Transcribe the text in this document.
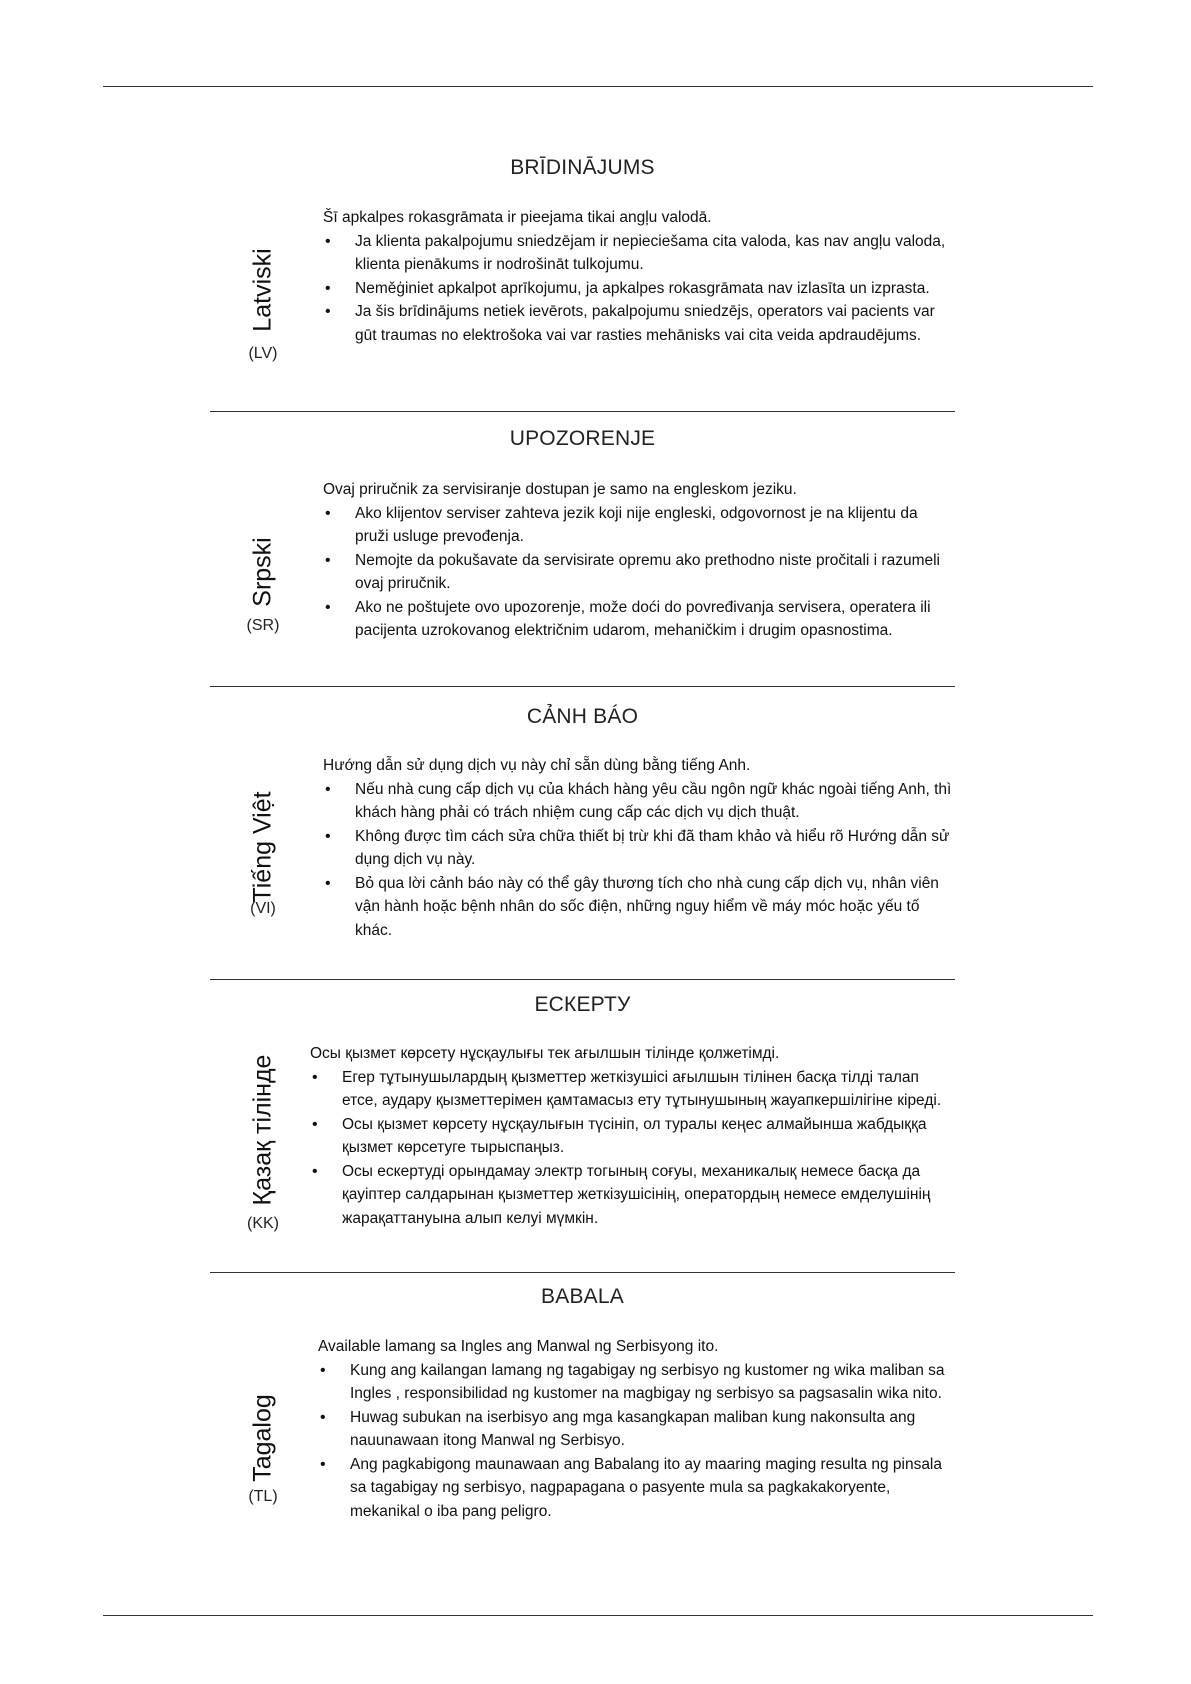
Latviski
(LV)
BRĪDINĀJUMS

Šī apkalpes rokasgrāmata ir pieejama tikai angļu valodā.

• Ja klienta pakalpojumu sniedzējam ir nepieciešama cita valoda, kas nav angļu valoda, klienta pienākums ir nodrošināt tulkojumu.
• Neměģiniet apkalpot aprīkojumu, ja apkalpes rokasgrāmata nav izlasīta un izprasta.
• Ja šis brīdinājums netiek ievērots, pakalpojumu sniedzējs, operators vai pacients var gūt traumas no elektrošoka vai var rasties mehānisks vai cita veida apdraudējums.
Srpski
(SR)
UPOZORENJE

Ovaj priručnik za servisiranje dostupan je samo na engleskom jeziku.

• Ako klijentov serviser zahteva jezik koji nije engleski, odgovornost je na klijentu da pruži usluge prevođenja.
• Nemojte da pokušavate da servisirate opremu ako prethodno niste pročitali i razumeli ovaj priručnik.
• Ako ne poštujete ovo upozorenje, može doći do povređivanja servisera, operatera ili pacijenta uzrokovanog električnim udarom, mehaničkim i drugim opasnostima.
Tiếng Việt
(VI)
CẢNH BÁO

Hướng dẫn sử dụng dịch vụ này chỉ sẵn dùng bằng tiếng Anh.

• Nếu nhà cung cấp dịch vụ của khách hàng yêu cầu ngôn ngữ khác ngoài tiếng Anh, thì khách hàng phải có trách nhiệm cung cấp các dịch vụ dịch thuật.
• Không được tìm cách sửa chữa thiết bị trừ khi đã tham khảo và hiểu rõ Hướng dẫn sử dụng dịch vụ này.
• Bỏ qua lời cảnh báo này có thể gây thương tích cho nhà cung cấp dịch vụ, nhân viên vận hành hoặc bệnh nhân do sốc điện, những nguy hiểm về máy móc hoặc yếu tố khác.
Қазақ тілінде
(KK)
ЕСКЕРТУ

Осы қызмет көрсету нұсқаулығы тек ағылшын тілінде қолжетімді.

• Егер тұтынушылардың қызметтер жеткізушісі ағылшын тілінен басқа тілді талап етсе, аудару қызметтерімен қамтамасыз ету тұтынушының жауапкершілігіне кіреді.
• Осы қызмет көрсету нұсқаулығын түсініп, ол туралы кеңес алмайынша жабдыққа қызмет көрсетуге тырыспаңыз.
• Осы ескертуді орындамау электр тогының соғуы, механикалық немесе басқа да қауіптер салдарынан қызметтер жеткізушісінің, оператордың немесе емделушінің жарақаттануына алып келуі мүмкін.
Tagalog
(TL)
BABALA

Available lamang sa Ingles ang Manwal ng Serbisyong ito.

• Kung ang kailangan lamang ng tagabigay ng serbisyo ng kustomer ng wika maliban sa Ingles , responsibilidad ng kustomer na magbigay ng serbisyo sa pagsasalin wika nito.
• Huwag subukan na iserbisyo ang mga kasangkapan maliban kung nakonsulta ang nauunawaan itong Manwal ng Serbisyo.
• Ang pagkabigong maunawaan ang Babalang ito ay maaring maging resulta ng pinsala sa tagabigay ng serbisyo, nagpapagana o pasyente mula sa pagkakakoryente, mekanikal o iba pang peligro.
